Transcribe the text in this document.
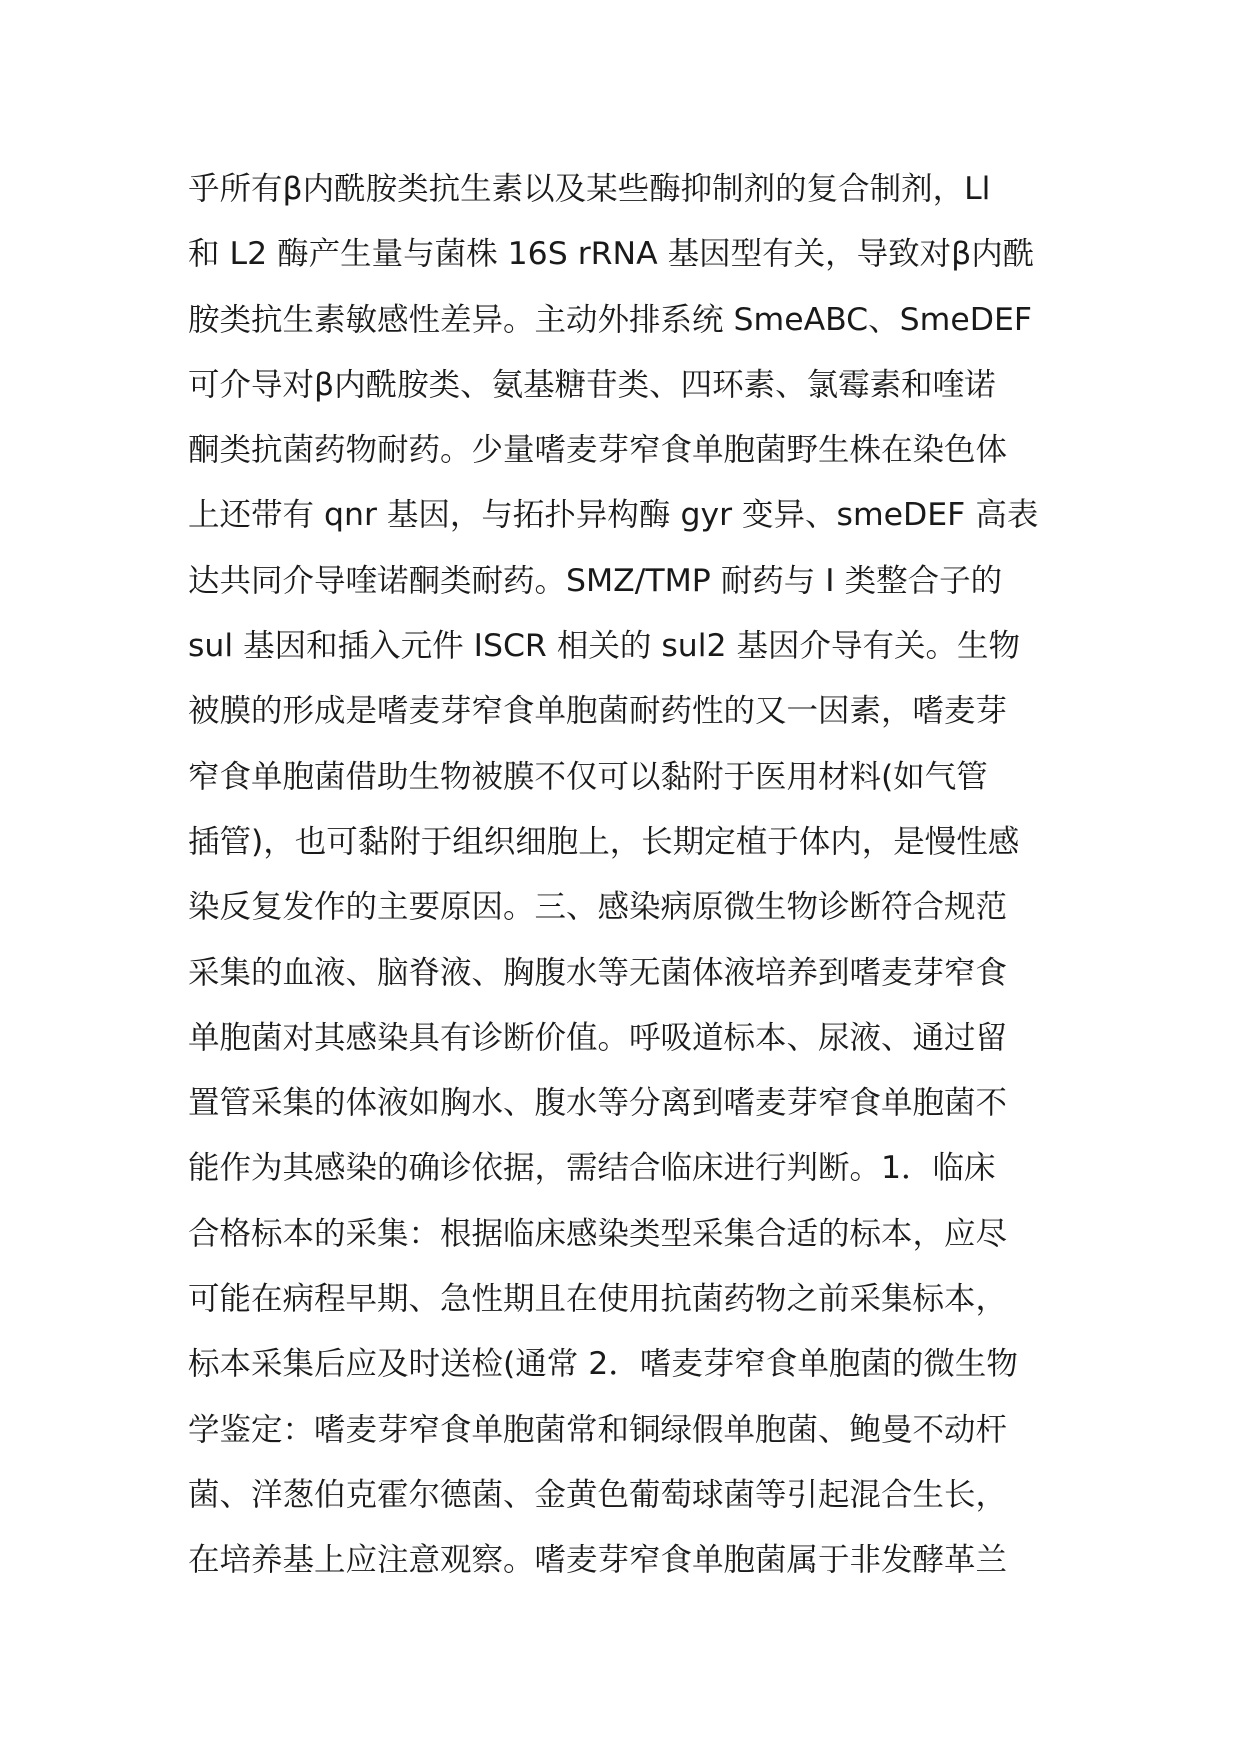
乎所有β内酰胺类抗生素以及某些酶抑制剂的复合制剂，Ll
和 L2 酶产生量与菌株 16S rRNA 基因型有关，导致对β内酰
胺类抗生素敏感性差异。主动外排系统 SmeABC、SmeDEF
可介导对β内酰胺类、氨基糖苷类、四环素、氯霉素和喹诺
酮类抗菌药物耐药。少量嗜麦芽窄食单胞菌野生株在染色体
上还带有 qnr 基因，与拓扑异构酶 gyr 变异、smeDEF 高表
达共同介导喹诺酮类耐药。SMZ/TMP 耐药与 I 类整合子的
sul 基因和插入元件 ISCR 相关的 sul2 基因介导有关。生物
被膜的形成是嗜麦芽窄食单胞菌耐药性的又一因素，嗜麦芽
窄食单胞菌借助生物被膜不仅可以黏附于医用材料(如气管
插管)，也可黏附于组织细胞上，长期定植于体内，是慢性感
染反复发作的主要原因。三、感染病原微生物诊断符合规范
采集的血液、脑脊液、胸腹水等无菌体液培养到嗜麦芽窄食
单胞菌对其感染具有诊断价值。呼吸道标本、尿液、通过留
置管采集的体液如胸水、腹水等分离到嗜麦芽窄食单胞菌不
能作为其感染的确诊依据，需结合临床进行判断。1．临床
合格标本的采集：根据临床感染类型采集合适的标本，应尽
可能在病程早期、急性期且在使用抗菌药物之前采集标本，
标本采集后应及时送检(通常 2．嗜麦芽窄食单胞菌的微生物
学鉴定：嗜麦芽窄食单胞菌常和铜绿假单胞菌、鲍曼不动杆
菌、洋葱伯克霍尔德菌、金黄色葡萄球菌等引起混合生长，
在培养基上应注意观察。嗜麦芽窄食单胞菌属于非发酵革兰
